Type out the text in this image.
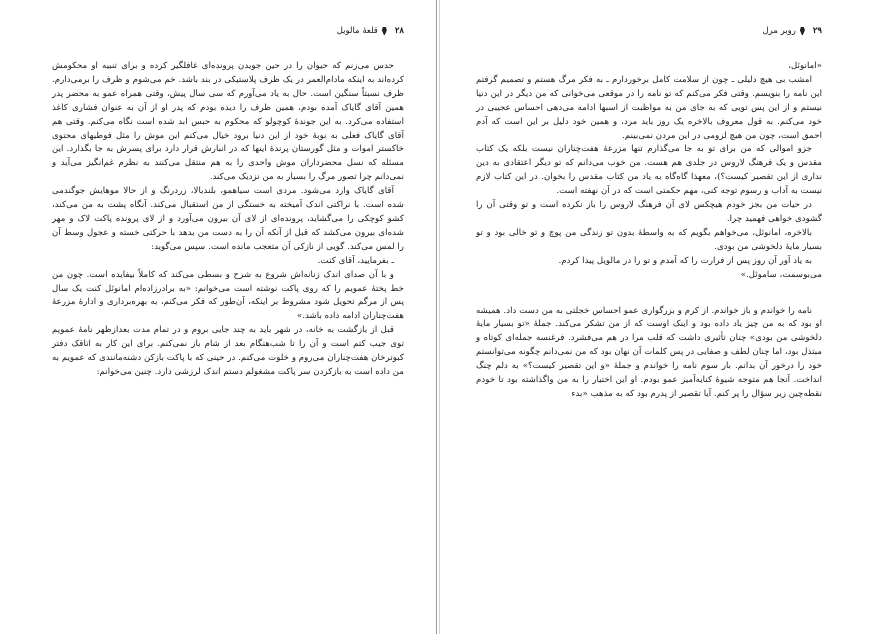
۲۸
قلعهٔ مالویل

حدس می‌زنم که حیوان را در حین جویدن پرونده‌ای غافلگیر کرده و برای تنبیه او محکومش کرده‌اند به اینکه مادام‌العمر در یک ظرف پلاستیکی در بند باشد. خم می‌شوم و ظرف را برمی‌دارم. ظرف نسبتاً سنگین است. حال به یاد می‌آورم که سی سال پیش، وقتی همراه عمو به محضر پدر همین آقای گایاک آمده بودم، همین ظرف را دیده بودم که پدر او از آن به عنوان فشاری کاغذ استفاده می‌کرد. به این جوندهٔ کوچولو که محکوم به حبس ابد شده است نگاه می‌کنم. وقتی هم آقای گایاک فعلی به نوبهٔ خود از این دنیا برود خیال می‌کنم این موش را مثل فوطیهای محتوی خاکستر اموات و مثل گورستان پرندهٔ اینها که در انبارش قرار دارد برای پسرش به جا بگذارد. این مسئله که نسل محضرداران موش واحدی را به هم منتقل می‌کنند به نظرم غم‌انگیز می‌آید و نمی‌دانم چرا تصور مرگ را بسیار به من نزدیک می‌کند.

آقای گایاک وارد می‌شود. مردی است سیاهمو، بلندبالا، زردرنگ و از حالا موهایش جوگندمی شده است. با نراکتی اندک آمیخته به خستگی از من استقبال می‌کند. آنگاه پشت به من می‌کند، کشو کوچکی را می‌گشاید، پرونده‌ای از لای آن بیرون می‌آورد و از لای پرونده پاکت لاک و مهر شده‌ای بیرون می‌کشد که قبل از آنکه آن را به دست من بدهد با حرکتی خسته و عجول وسط آن را لمس می‌کند. گویی از نازکی آن متعجب مانده است. سپس می‌گوید:

ـ بفرمایید، آقای کنت.

و با آن صدای اندک زنانه‌اش شروع به شرح و بسطی می‌کند که کاملاً بیفایده است. چون من خط پختهٔ عمویم را که روی پاکت نوشته است می‌خوانم: «به برادرزاده‌ام امانوئل کنت یک سال پس از مرگم تحویل شود مشروط بر اینکه، آن‌طور که فکر می‌کنم، به بهره‌برداری و ادارهٔ مزرعهٔ هفت‌چناران ادامه داده باشد.»

قبل از بازگشت به خانه، در شهر باید به چند جایی بروم و در تمام مدت بعدازظهر نامهٔ عمویم توی جیب کتم است و آن را تا شب‌هنگام بعد از شام باز نمی‌کنم. برای این کار به اتاقک دفتر کبوترخان هفت‌چناران می‌روم و خلوت می‌کنم. در حینی که با پاکت بازکن دشنه‌مانندی که عمویم به من داده است به بازکردن سر پاکت مشغولم دستم اندک لرزشی دارد. چنین می‌خوانم:

۲۹
روبر مرل

«امانوئل،

امشب بی هیچ دلیلی ـ چون از سلامت کامل برخوردارم ـ به فکر مرگ هستم و تصمیم گرفتم این نامه را بنویسم. وقتی فکر می‌کنم که تو نامه را در موقعی می‌خوانی که من دیگر در این دنیا نیستم و از این پس تویی که به جای من به مواظبت از اسبها ادامه می‌دهی احساس عجیبی در خود می‌کنم. به قول معروف بالاخره یک روز باید مرد، و همین خود دلیل بر این است که آدم احمق است، چون من هیچ لزومی در این مردن نمی‌بینم.

جزو اموالی که من برای تو به جا می‌گذارم تنها مزرعهٔ هفت‌چناران نیست بلکه یک کتاب مقدس و یک فرهنگ لاروس در جلدی هم هست. من خوب می‌دانم که تو دیگر اعتقادی به دین نداری از این تقصیر کیست؟)، معهذا گاه‌گاه به یاد من کتاب مقدس را بخوان. در این کتاب لازم نیست به آداب و رسوم توجه کنی، مهم حکمتی است که در آن نهفته است.

در حیات من بجز خودم هیچکس لای آن فرهنگ لاروس را باز نکرده است و تو وقتی آن را گشودی خواهی فهمید چرا.

بالاخره، امانوئل، می‌خواهم بگویم که به واسطهٔ بدون تو زندگی من پوچ و تو خالی بود و تو بسیار مایهٔ دلخوشی من بودی.

به یاد آور آن روز پس از فرارت را که آمدم و تو را در مالویل پیدا کردم.

می‌بوسمت، ساموئل.»

نامه را خواندم و باز خواندم. از کرم و بزرگواری عمو احساس خجلتی به من دست داد. همیشه او بود که به من چیز یاد داده بود و اینک اوست که از من تشکر می‌کند. جملهٔ «تو بسیار مایهٔ دلخوشی من بودی» چنان تأثیری داشت که قلب مرا در هم می‌فشرد. فرغنسه جمله‌ای کوتاه و مبتذل بود، اما چنان لطف و صفایی در پس کلمات آن نهان بود که من نمی‌دانم چگونه می‌توانستم خود را درخور آن بدانم. بار سوم نامه را خواندم و جملهٔ «و این تقصیر کیست؟» به دلم چنگ انداخت. آنجا هم متوجه شیوهٔ کنایه‌آمیز عمو بودم. او این اختیار را به من واگذاشته بود تا خودم نقطه‌چین زیر سؤال را پر کنم. آیا تقصیر از پدرم بود که به مذهب «بدء
